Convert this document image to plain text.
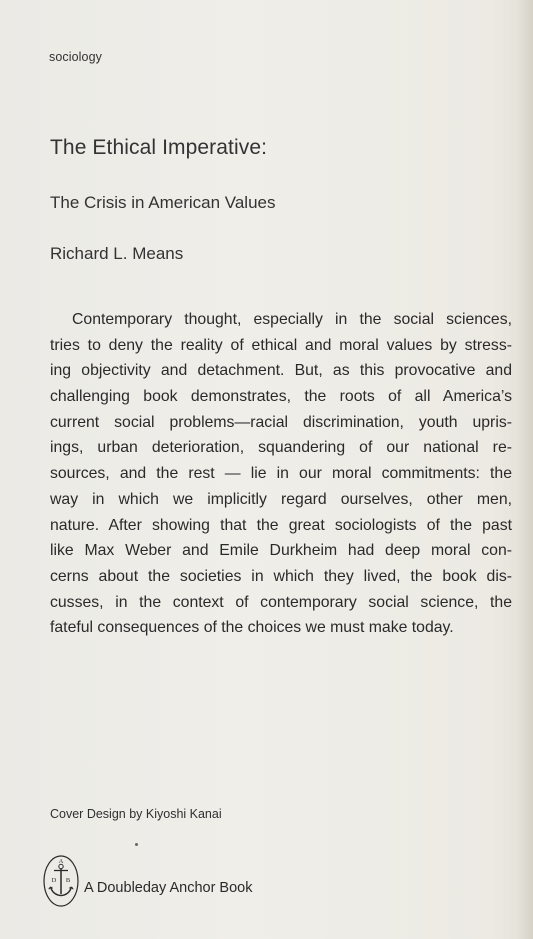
sociology
The Ethical Imperative:
The Crisis in American Values
Richard L. Means
Contemporary thought, especially in the social sciences,
tries to deny the reality of ethical and moral values by stress-
ing objectivity and detachment. But, as this provocative and
challenging book demonstrates, the roots of all America’s
current social problems—racial discrimination, youth upris-
ings, urban deterioration, squandering of our national re-
sources, and the rest — lie in our moral commitments: the
way in which we implicitly regard ourselves, other men,
nature. After showing that the great sociologists of the past
like Max Weber and Emile Durkheim had deep moral con-
cerns about the societies in which they lived, the book dis-
cusses, in the context of contemporary social science, the
fateful consequences of the choices we must make today.
Cover Design by Kiyoshi Kanai
A
D B A Doubleday Anchor Book
